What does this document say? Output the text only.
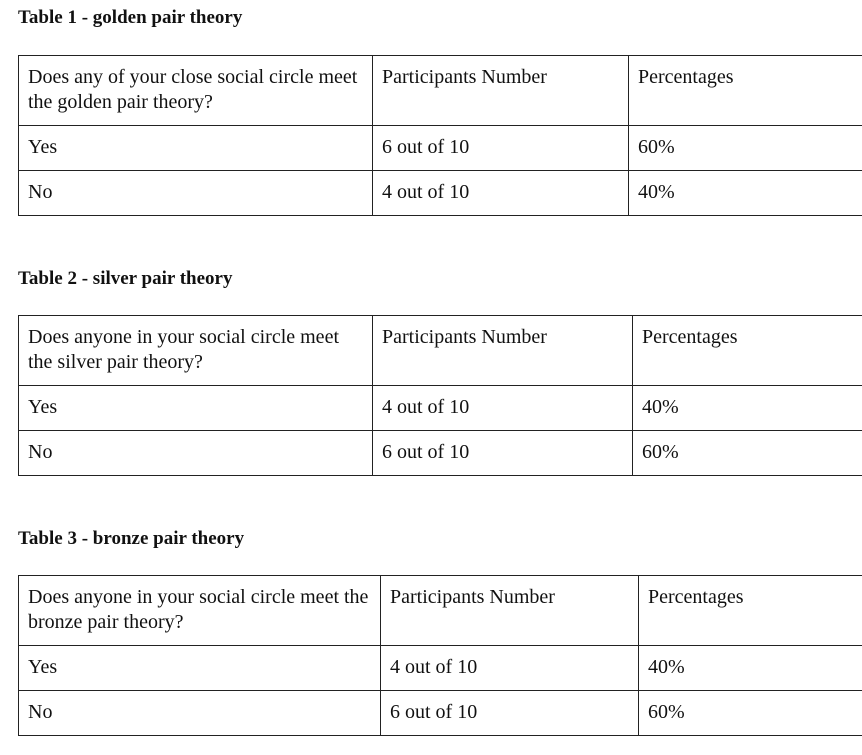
Table 1 - golden pair theory
Does any of your close social circle meet the golden pair theory?	Participants Number	Percentages
Yes	6 out of 10	60%
No	4 out of 10	40%
Table 2 - silver pair theory
Does anyone in your social circle meet the silver pair theory?	Participants Number	Percentages
Yes	4 out of 10	40%
No	6 out of 10	60%
Table 3 - bronze pair theory
Does anyone in your social circle meet the bronze pair theory?	Participants Number	Percentages
Yes	4 out of 10	40%
No	6 out of 10	60%
